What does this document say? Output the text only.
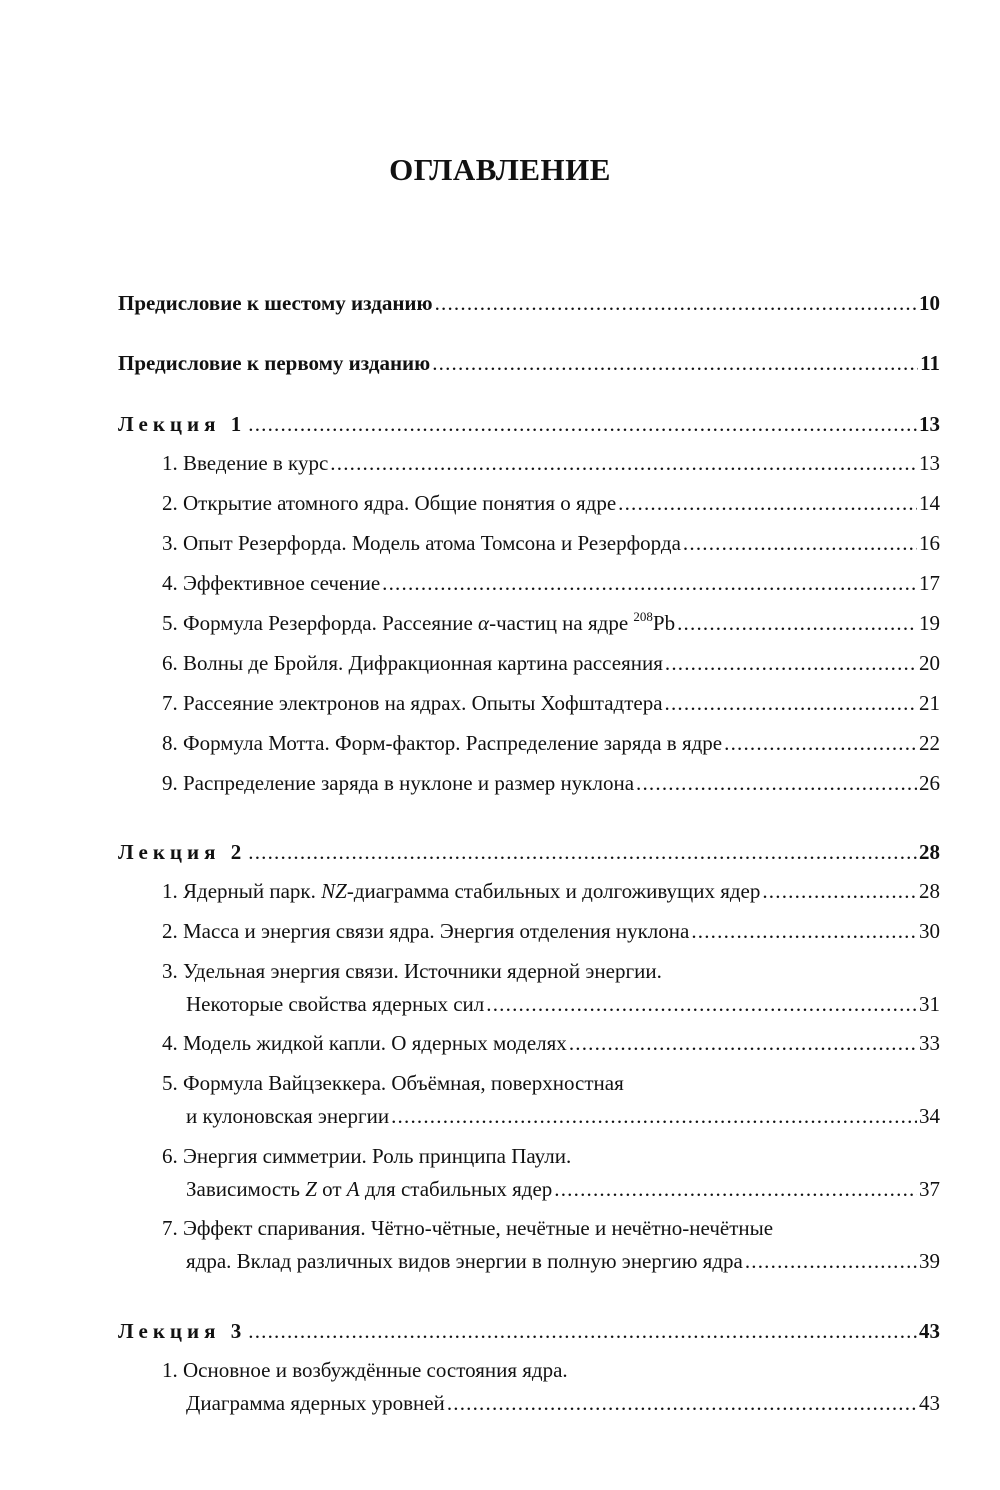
ОГЛАВЛЕНИЕ
Предисловие к шестому изданию .....	10
Предисловие к первому изданию .....	11
Лекция 1 .....	13
1. Введение в курс .....	13
2. Открытие атомного ядра. Общие понятия о ядре .....	14
3. Опыт Резерфорда. Модель атома Томсона и Резерфорда .....	16
4. Эффективное сечение .....	17
5. Формула Резерфорда. Рассеяние α-частиц на ядре $^{208}$Pb .....	19
6. Волны де Бройля. Дифракционная картина рассеяния .....	20
7. Рассеяние электронов на ядрах. Опыты Хофштадтера .....	21
8. Формула Мотта. Форм-фактор. Распределение заряда в ядре .....	22
9. Распределение заряда в нуклоне и размер нуклона .....	26
Лекция 2 .....	28
1. Ядерный парк. NZ-диаграмма стабильных и долгоживущих ядер .....	28
2. Масса и энергия связи ядра. Энергия отделения нуклона .....	30
3. Удельная энергия связи. Источники ядерной энергии.
Некоторые свойства ядерных сил .....	31
4. Модель жидкой капли. О ядерных моделях .....	33
5. Формула Вайцзеккера. Объёмная, поверхностная
и кулоновская энергии .....	34
6. Энергия симметрии. Роль принципа Паули.
Зависимость Z от A для стабильных ядер .....	37
7. Эффект спаривания. Чётно-чётные, нечётные и нечётно-нечётные
ядра. Вклад различных видов энергии в полную энергию ядра .....	39
Лекция 3 .....	43
1. Основное и возбуждённые состояния ядра.
Диаграмма ядерных уровней .....	43
